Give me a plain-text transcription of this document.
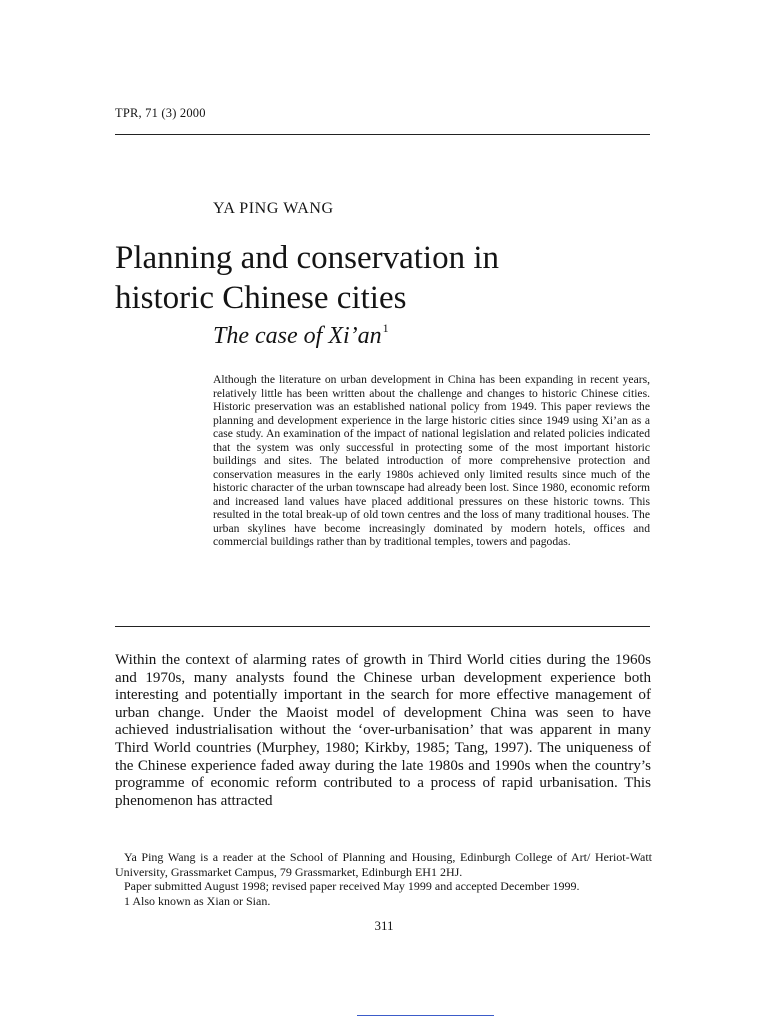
TPR, 71 (3) 2000
YA PING WANG
Planning and conservation in
historic Chinese cities
The case of $Xi’an^1$

Although the literature on urban development in China has been expanding in recent years, relatively little has been written about the challenge and changes to historic Chinese cities. Historic preservation was an established national policy from 1949. This paper reviews the planning and development experience in the large historic cities since 1949 using Xi’an as a case study. An examination of the impact of national legislation and related policies indicated that the system was only successful in protecting some of the most important historic buildings and sites. The belated introduction of more comprehensive protection and conservation measures in the early 1980s achieved only limited results since much of the historic character of the urban townscape had already been lost. Since 1980, economic reform and increased land values have placed additional pressures on these historic towns. This resulted in the total break-up of old town centres and the loss of many traditional houses. The urban skylines have become increasingly dominated by modern hotels, offices and commercial buildings rather than by traditional temples, towers and pagodas.

Within the context of alarming rates of growth in Third World cities during the 1960s and 1970s, many analysts found the Chinese urban development experience both interesting and potentially important in the search for more effective management of urban change. Under the Maoist model of development China was seen to have achieved industrialisation without the ‘over-urbanisation’ that was apparent in many Third World countries (Murphey, 1980; Kirkby, 1985; Tang, 1997). The uniqueness of the Chinese experience faded away during the late 1980s and 1990s when the country’s programme of economic reform contributed to a process of rapid urbanisation. This phenomenon has attracted

Ya Ping Wang is a reader at the School of Planning and Housing, Edinburgh College of Art/ Heriot-Watt University, Grassmarket Campus, 79 Grassmarket, Edinburgh EH1 2HJ.

Paper submitted August 1998; revised paper received May 1999 and accepted December 1999.

1 Also known as Xian or Sian.

311
